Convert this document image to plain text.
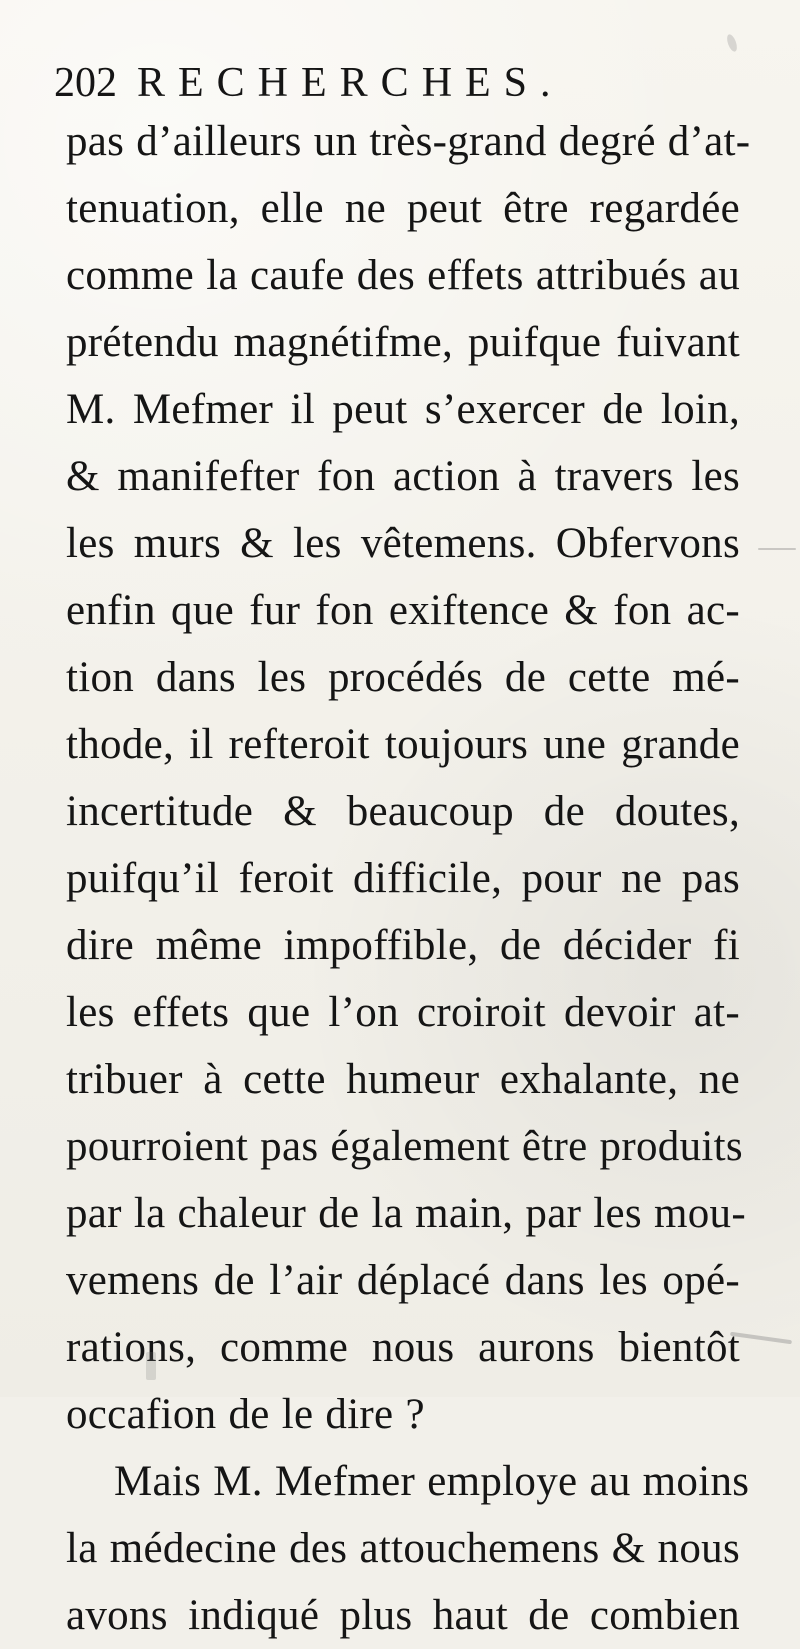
202 RECHERCHES.
pas d’ailleurs un très-grand degré d’at-
tenuation, elle ne peut être regardée
comme la caufe des effets attribués au
prétendu magnétifme, puifque fuivant
M. Mefmer il peut s’exercer de loin,
& manifefter fon action à travers les
les murs & les vêtemens. Obfervons
enfin que fur fon exiftence & fon ac-
tion dans les procédés de cette mé-
thode, il refteroit toujours une grande
incertitude & beaucoup de doutes,
puifqu’il feroit difficile, pour ne pas
dire même impoffible, de décider fi
les effets que l’on croiroit devoir at-
tribuer à cette humeur exhalante, ne
pourroient pas également être produits
par la chaleur de la main, par les mou-
vemens de l’air déplacé dans les opé-
rations, comme nous aurons bientôt
occafion de le dire ?
Mais M. Mefmer employe au moins
la médecine des attouchemens & nous
avons indiqué plus haut de combien
